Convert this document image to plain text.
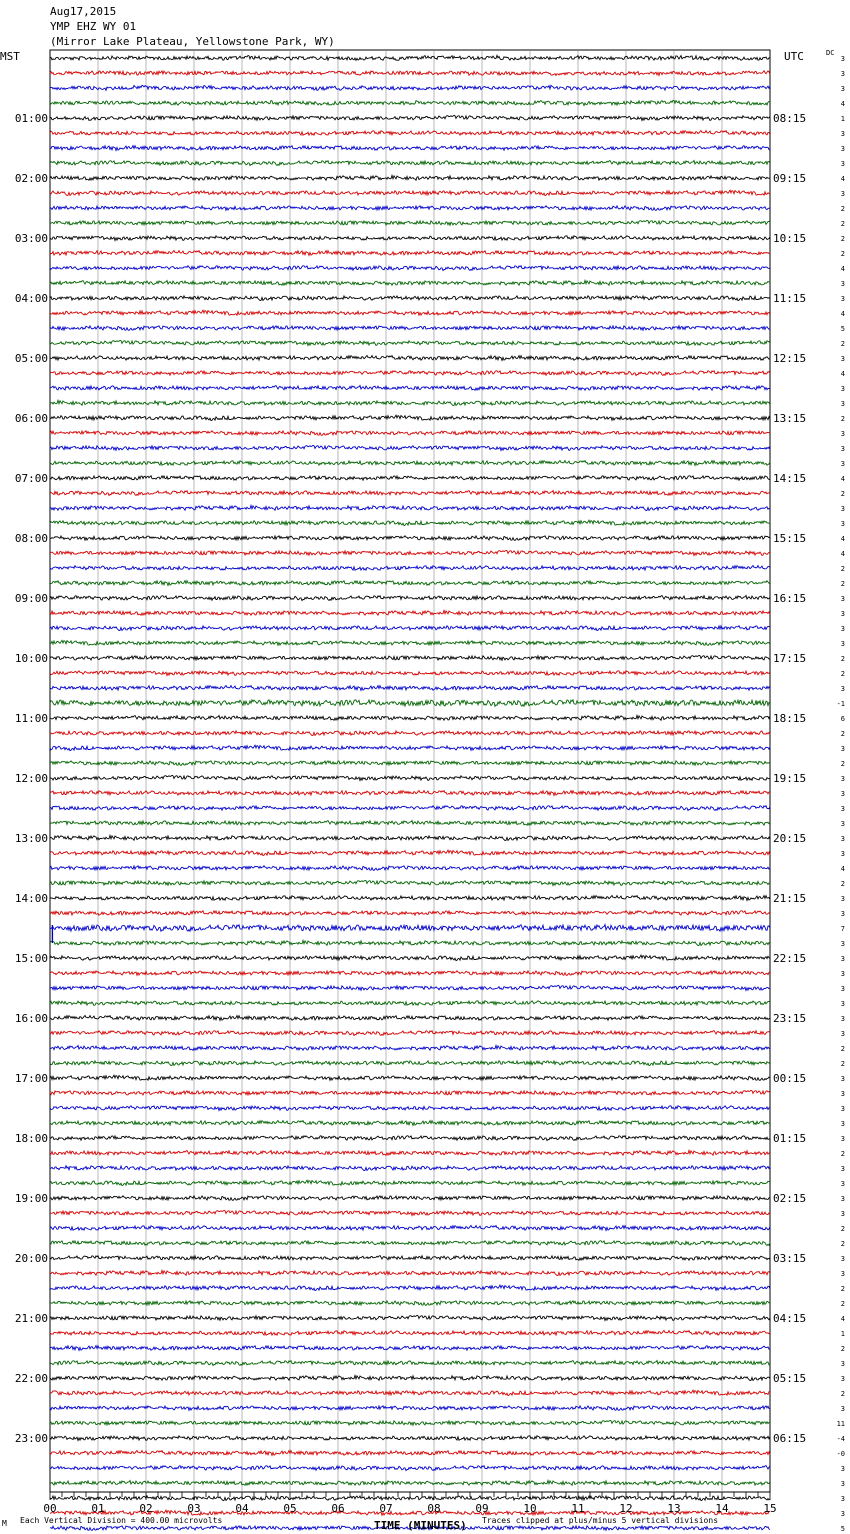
Aug17,2015
YMP EHZ WY 01
(Mirror Lake Plateau, Yellowstone Park, WY)
MST	UTC	DC
01:00	08:15
02:00	09:15
03:00	10:15
04:00	11:15
05:00	12:15
06:00	13:15
07:00	14:15
08:00	15:15
09:00	16:15
10:00	17:15
11:00	18:15
12:00	19:15
13:00	20:15
14:00	21:15
15:00	22:15
16:00	23:15
17:00	00:15
18:00	01:15
19:00	02:15
20:00	03:15
21:00	04:15
22:00	05:15
23:00	06:15
3
3
3
4
1
3
3
3
4
3
2
2
2
2
4
3
3
4
5
2
3
4
3
3
2
3
3
3
4
2
3
3
4
4
2
2
3
3
3
3
2
2
3
-1
6
2
3
2
3
3
3
3
3
3
4
2
3
3
7
3
3
3
3
3
3
3
2
2
3
3
3
3
3
2
3
3
3
3
2
2
3
3
2
2
4
1
2
3
3
2
3
11
-4
-0
3
3
3
3
5
00	01	02	03	04	05	06	07	08	09	10	11	12	13	14	15
M Each Vertical Division = 400.00 microvolts	TIME (MINUTES) Traces clipped at plus/minus 5 vertical divisions
